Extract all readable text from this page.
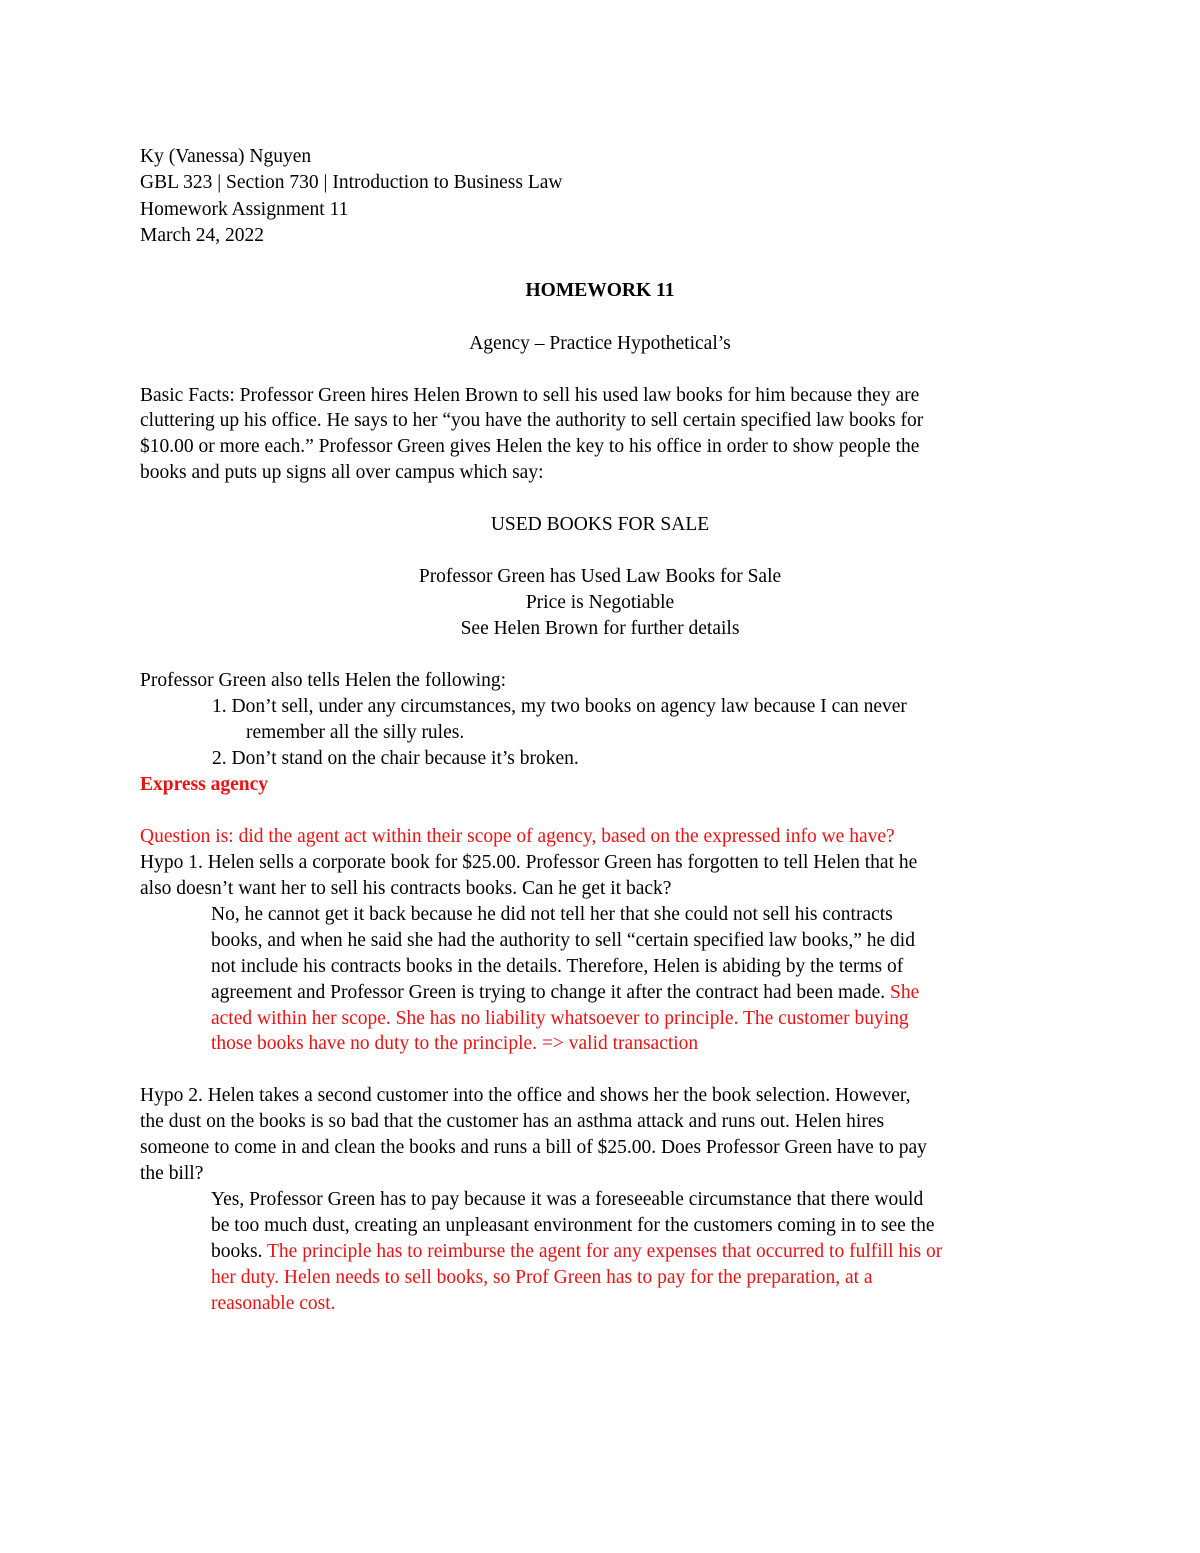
Ky (Vanessa) Nguyen
GBL 323 | Section 730 | Introduction to Business Law
Homework Assignment 11
March 24, 2022
HOMEWORK 11
Agency – Practice Hypothetical’s
Basic Facts: Professor Green hires Helen Brown to sell his used law books for him because they are
cluttering up his office. He says to her “you have the authority to sell certain specified law books for
$10.00 or more each.” Professor Green gives Helen the key to his office in order to show people the
books and puts up signs all over campus which say:
USED BOOKS FOR SALE
Professor Green has Used Law Books for Sale
Price is Negotiable
See Helen Brown for further details
Professor Green also tells Helen the following:
1. Don’t sell, under any circumstances, my two books on agency law because I can never
remember all the silly rules.
2. Don’t stand on the chair because it’s broken.
Express agency
Question is: did the agent act within their scope of agency, based on the expressed info we have?
Hypo 1. Helen sells a corporate book for $25.00. Professor Green has forgotten to tell Helen that he
also doesn’t want her to sell his contracts books. Can he get it back?
No, he cannot get it back because he did not tell her that she could not sell his contracts
books, and when he said she had the authority to sell “certain specified law books,” he did
not include his contracts books in the details. Therefore, Helen is abiding by the terms of
agreement and Professor Green is trying to change it after the contract had been made. She
acted within her scope. She has no liability whatsoever to principle. The customer buying
those books have no duty to the principle. => valid transaction
Hypo 2. Helen takes a second customer into the office and shows her the book selection. However,
the dust on the books is so bad that the customer has an asthma attack and runs out. Helen hires
someone to come in and clean the books and runs a bill of $25.00. Does Professor Green have to pay
the bill?
Yes, Professor Green has to pay because it was a foreseeable circumstance that there would
be too much dust, creating an unpleasant environment for the customers coming in to see the
books. The principle has to reimburse the agent for any expenses that occurred to fulfill his or
her duty. Helen needs to sell books, so Prof Green has to pay for the preparation, at a
reasonable cost.
